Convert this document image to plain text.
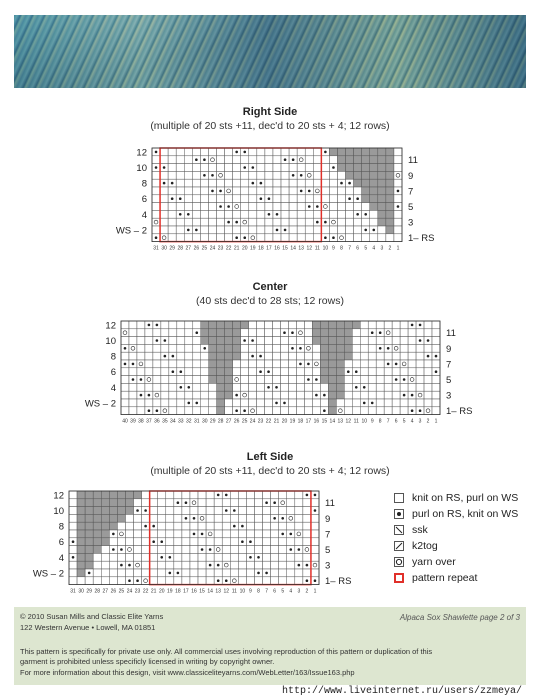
Right Side
(multiple of 20 sts +11, dec'd to 20 sts + 4; 12 rows)
12
10
8
6
4
WS – 2
11
9
7
5
3
1– RS
31 30 29 28 27 26 25 24 23 22 21 20 19 18 17 16 15 14 13 12 11 10 9 8 7 6 5 4 3 2 1
Center
(40 sts dec'd to 28 sts; 12 rows)
12
10
8
6
4
WS – 2
11
9
7
5
3
1– RS
40 39 38 37 36 35 34 33 32 31 30 29 28 27 26 25 24 23 22 21 20 19 18 17 16 15 14 13 12 11 10 9 8 7 6 5 4 3 2 1
Left Side
(multiple of 20 sts +11, dec'd to 20 sts + 4; 12 rows)
12
10
8
6
4
WS – 2
11
9
7
5
3
1– RS
31 30 29 28 27 26 25 24 23 22 21 20 19 18 17 16 15 14 13 12 11 10 9 8 7 6 5 4 3 2 1
knit on RS, purl on WS
purl on RS, knit on WS
ssk
k2tog
yarn over
pattern repeat
© 2010 Susan Mills and Classic Elite Yarns
122 Western Avenue • Lowell, MA 01851
Alpaca Sox Shawlette page 2 of 3
This pattern is specifically for private use only. All commercial uses involving reproduction of this pattern or duplication of this
garment is prohibited unless specificly licensed in writing by copyright owner.
For more information about this design, visit www.classiceliteyarns.com/WebLetter/163/Issue163.php
http://www.liveinternet.ru/users/zzmeya/
